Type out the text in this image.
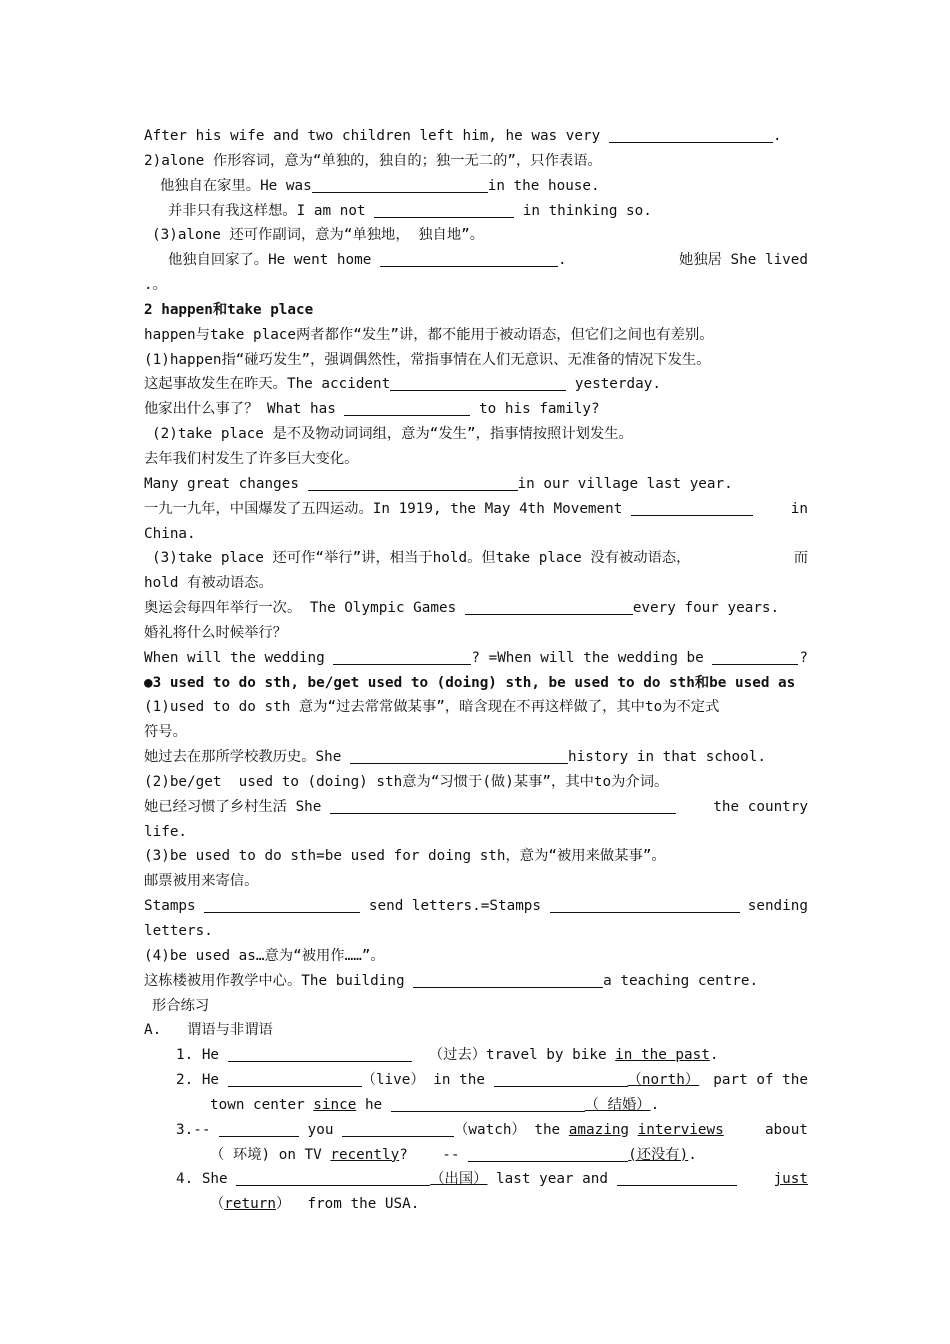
After his wife and two children left him, he was very	.
2)alone 作形容词，意为“单独的，独自的；独一无二的”，只作表语。
他独自在家里。He was	in the house.
并非只有我这样想。I am not	in thinking so.
(3)alone 还可作副词，意为“单独地， 独自地”。
他独自回家了。He went home	.	她独居 She lived
.。
2 happen和take place
happen与take place两者都作“发生”讲，都不能用于被动语态，但它们之间也有差别。
(1)happen指“碰巧发生”，强调偶然性，常指事情在人们无意识、无准备的情况下发生。
这起事故发生在昨天。The accident	yesterday.
他家出什么事了？ What has	to his family?
(2)take place 是不及物动词词组，意为“发生”，指事情按照计划发生。
去年我们村发生了许多巨大变化。
Many great changes	in our village last year.
一九一九年，中国爆发了五四运动。In 1919, the May 4th Movement	in
China.
(3)take place 还可作“举行”讲，相当于hold。但take place 没有被动语态，	而
hold 有被动语态。
奥运会每四年举行一次。 The Olympic Games	every four years.
婚礼将什么时候举行？
When will the wedding	? =When will the wedding be	?
●3 used to do sth, be/get used to (doing) sth, be used to do sth和be used as
(1)used to do sth 意为“过去常常做某事”，暗含现在不再这样做了，其中to为不定式
符号。
她过去在那所学校教历史。She	history in that school.
(2)be/get  used to (doing) sth意为“习惯于(做)某事”，其中to为介词。
她已经习惯了乡村生活 She	the country
life.
(3)be used to do sth=be used for doing sth，意为“被用来做某事”。
邮票被用来寄信。
Stamps	send letters.=Stamps	sending
letters.
(4)be used as…意为“被用作……”。
这栋楼被用作教学中心。The building	a teaching centre.
形合练习
A.   谓语与非谓语
1. He	（过去）travel by bike in the past.
2. He	（live） in the	（north） part of the
town center since he	（ 结婚）.
3.--	you	（watch） the amazing interviews about
（ 环境) on TV recently?    --	(还没有).
4. She	（出国） last year and	just
（return）  from the USA.
